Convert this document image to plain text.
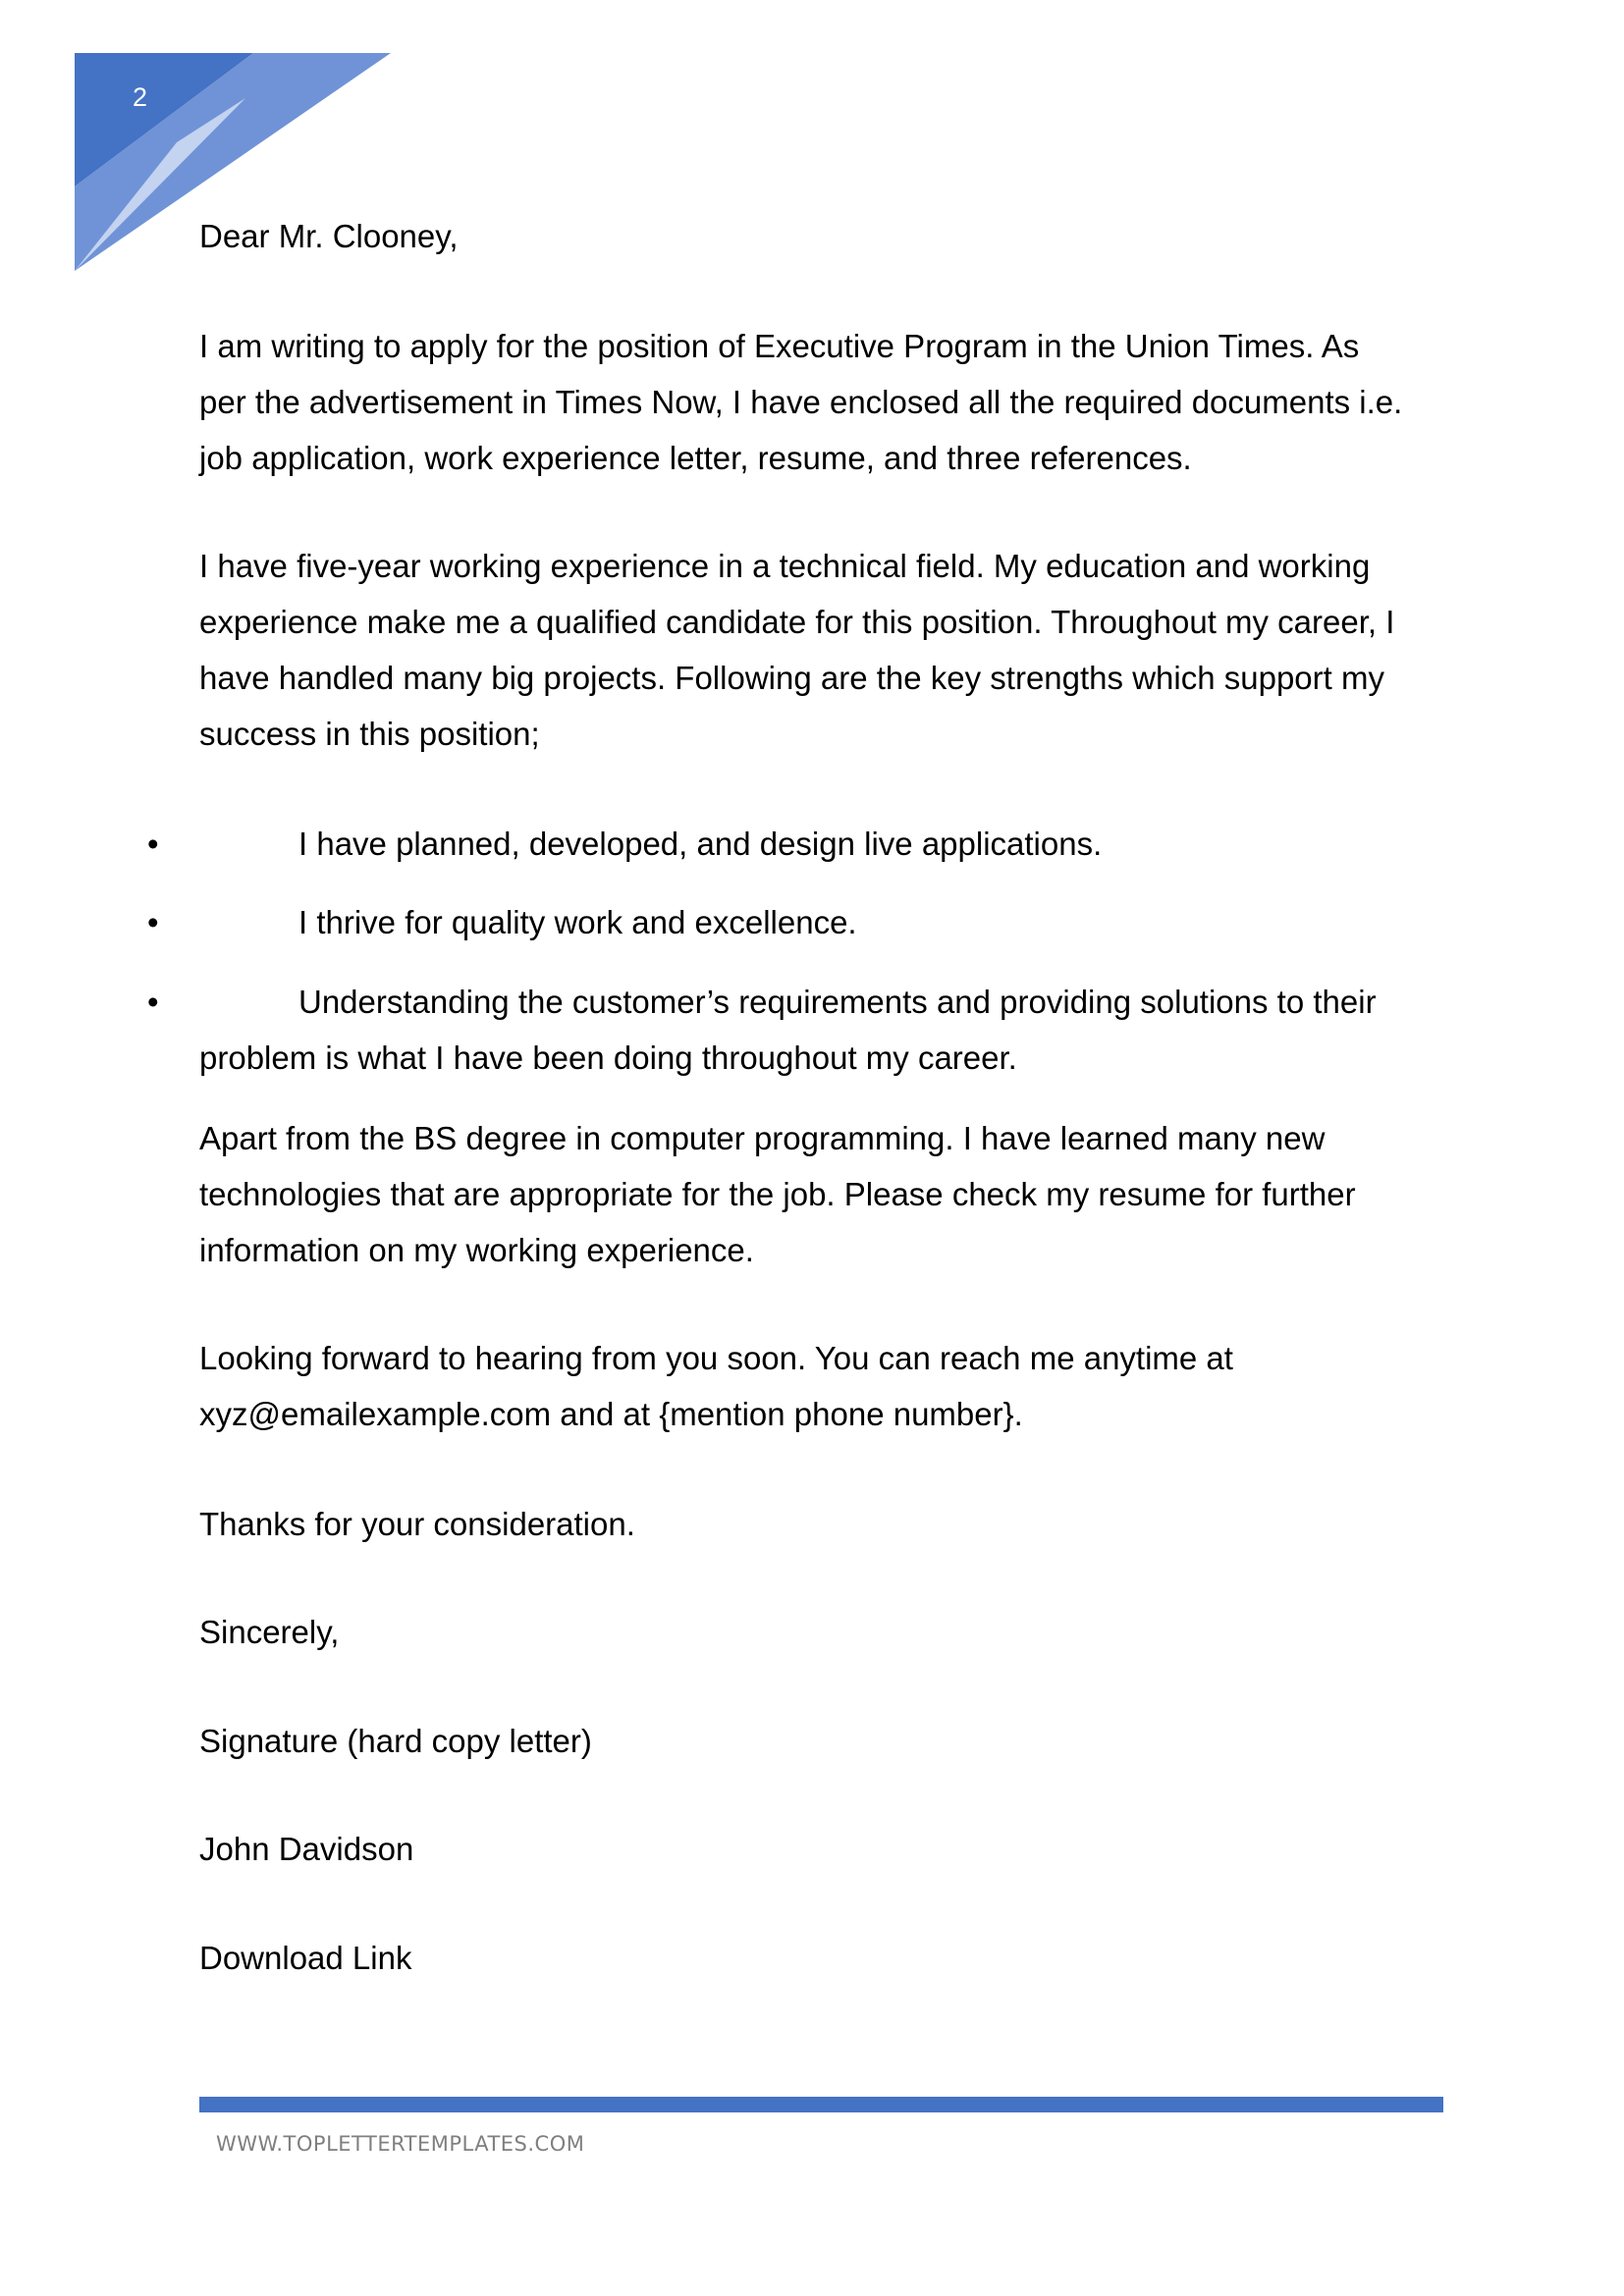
2
Dear Mr. Clooney,
I am writing to apply for the position of Executive Program in the Union Times. As
per the advertisement in Times Now, I have enclosed all the required documents i.e.
job application, work experience letter, resume, and three references.
I have five-year working experience in a technical field. My education and working
experience make me a qualified candidate for this position. Throughout my career, I
have handled many big projects. Following are the key strengths which support my
success in this position;
•	I have planned, developed, and design live applications.
•	I thrive for quality work and excellence.
•	Understanding the customer’s requirements and providing solutions to their
problem is what I have been doing throughout my career.
Apart from the BS degree in computer programming. I have learned many new
technologies that are appropriate for the job. Please check my resume for further
information on my working experience.
Looking forward to hearing from you soon. You can reach me anytime at
xyz@emailexample.com and at {mention phone number}.
Thanks for your consideration.
Sincerely,
Signature (hard copy letter)
John Davidson
Download Link
WWW.TOPLETTERTEMPLATES.COM
